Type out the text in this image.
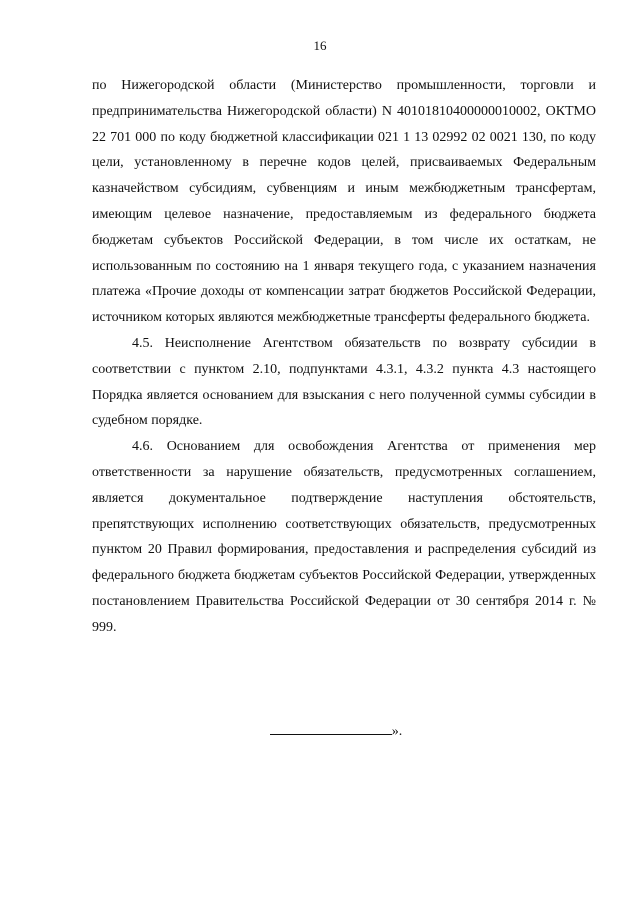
16

по Нижегородской области (Министерство промышленности, торговли и предпринимательства Нижегородской области) N 40101810400000010002, ОКТМО 22 701 000 по коду бюджетной классификации 021 1 13 02992 02 0021 130, по коду цели, установленному в перечне кодов целей, присваиваемых Федеральным казначейством субсидиям, субвенциям и иным межбюджетным трансфертам, имеющим целевое назначение, предоставляемым из федерального бюджета бюджетам субъектов Российской Федерации, в том числе их остаткам, не использованным по состоянию на 1 января текущего года, с указанием назначения платежа «Прочие доходы от компенсации затрат бюджетов Российской Федерации, источником которых являются межбюджетные трансферты федерального бюджета.

4.5. Неисполнение Агентством обязательств по возврату субсидии в соответствии с пунктом 2.10, подпунктами 4.3.1, 4.3.2 пункта 4.3 настоящего Порядка является основанием для взыскания с него полученной суммы субсидии в судебном порядке.

4.6. Основанием для освобождения Агентства от применения мер ответственности за нарушение обязательств, предусмотренных соглашением, является документальное подтверждение наступления обстоятельств, препятствующих исполнению соответствующих обязательств, предусмотренных пунктом 20 Правил формирования, предоставления и распределения субсидий из федерального бюджета бюджетам субъектов Российской Федерации, утвержденных постановлением Правительства Российской Федерации от 30 сентября 2014 г. № 999.

».
